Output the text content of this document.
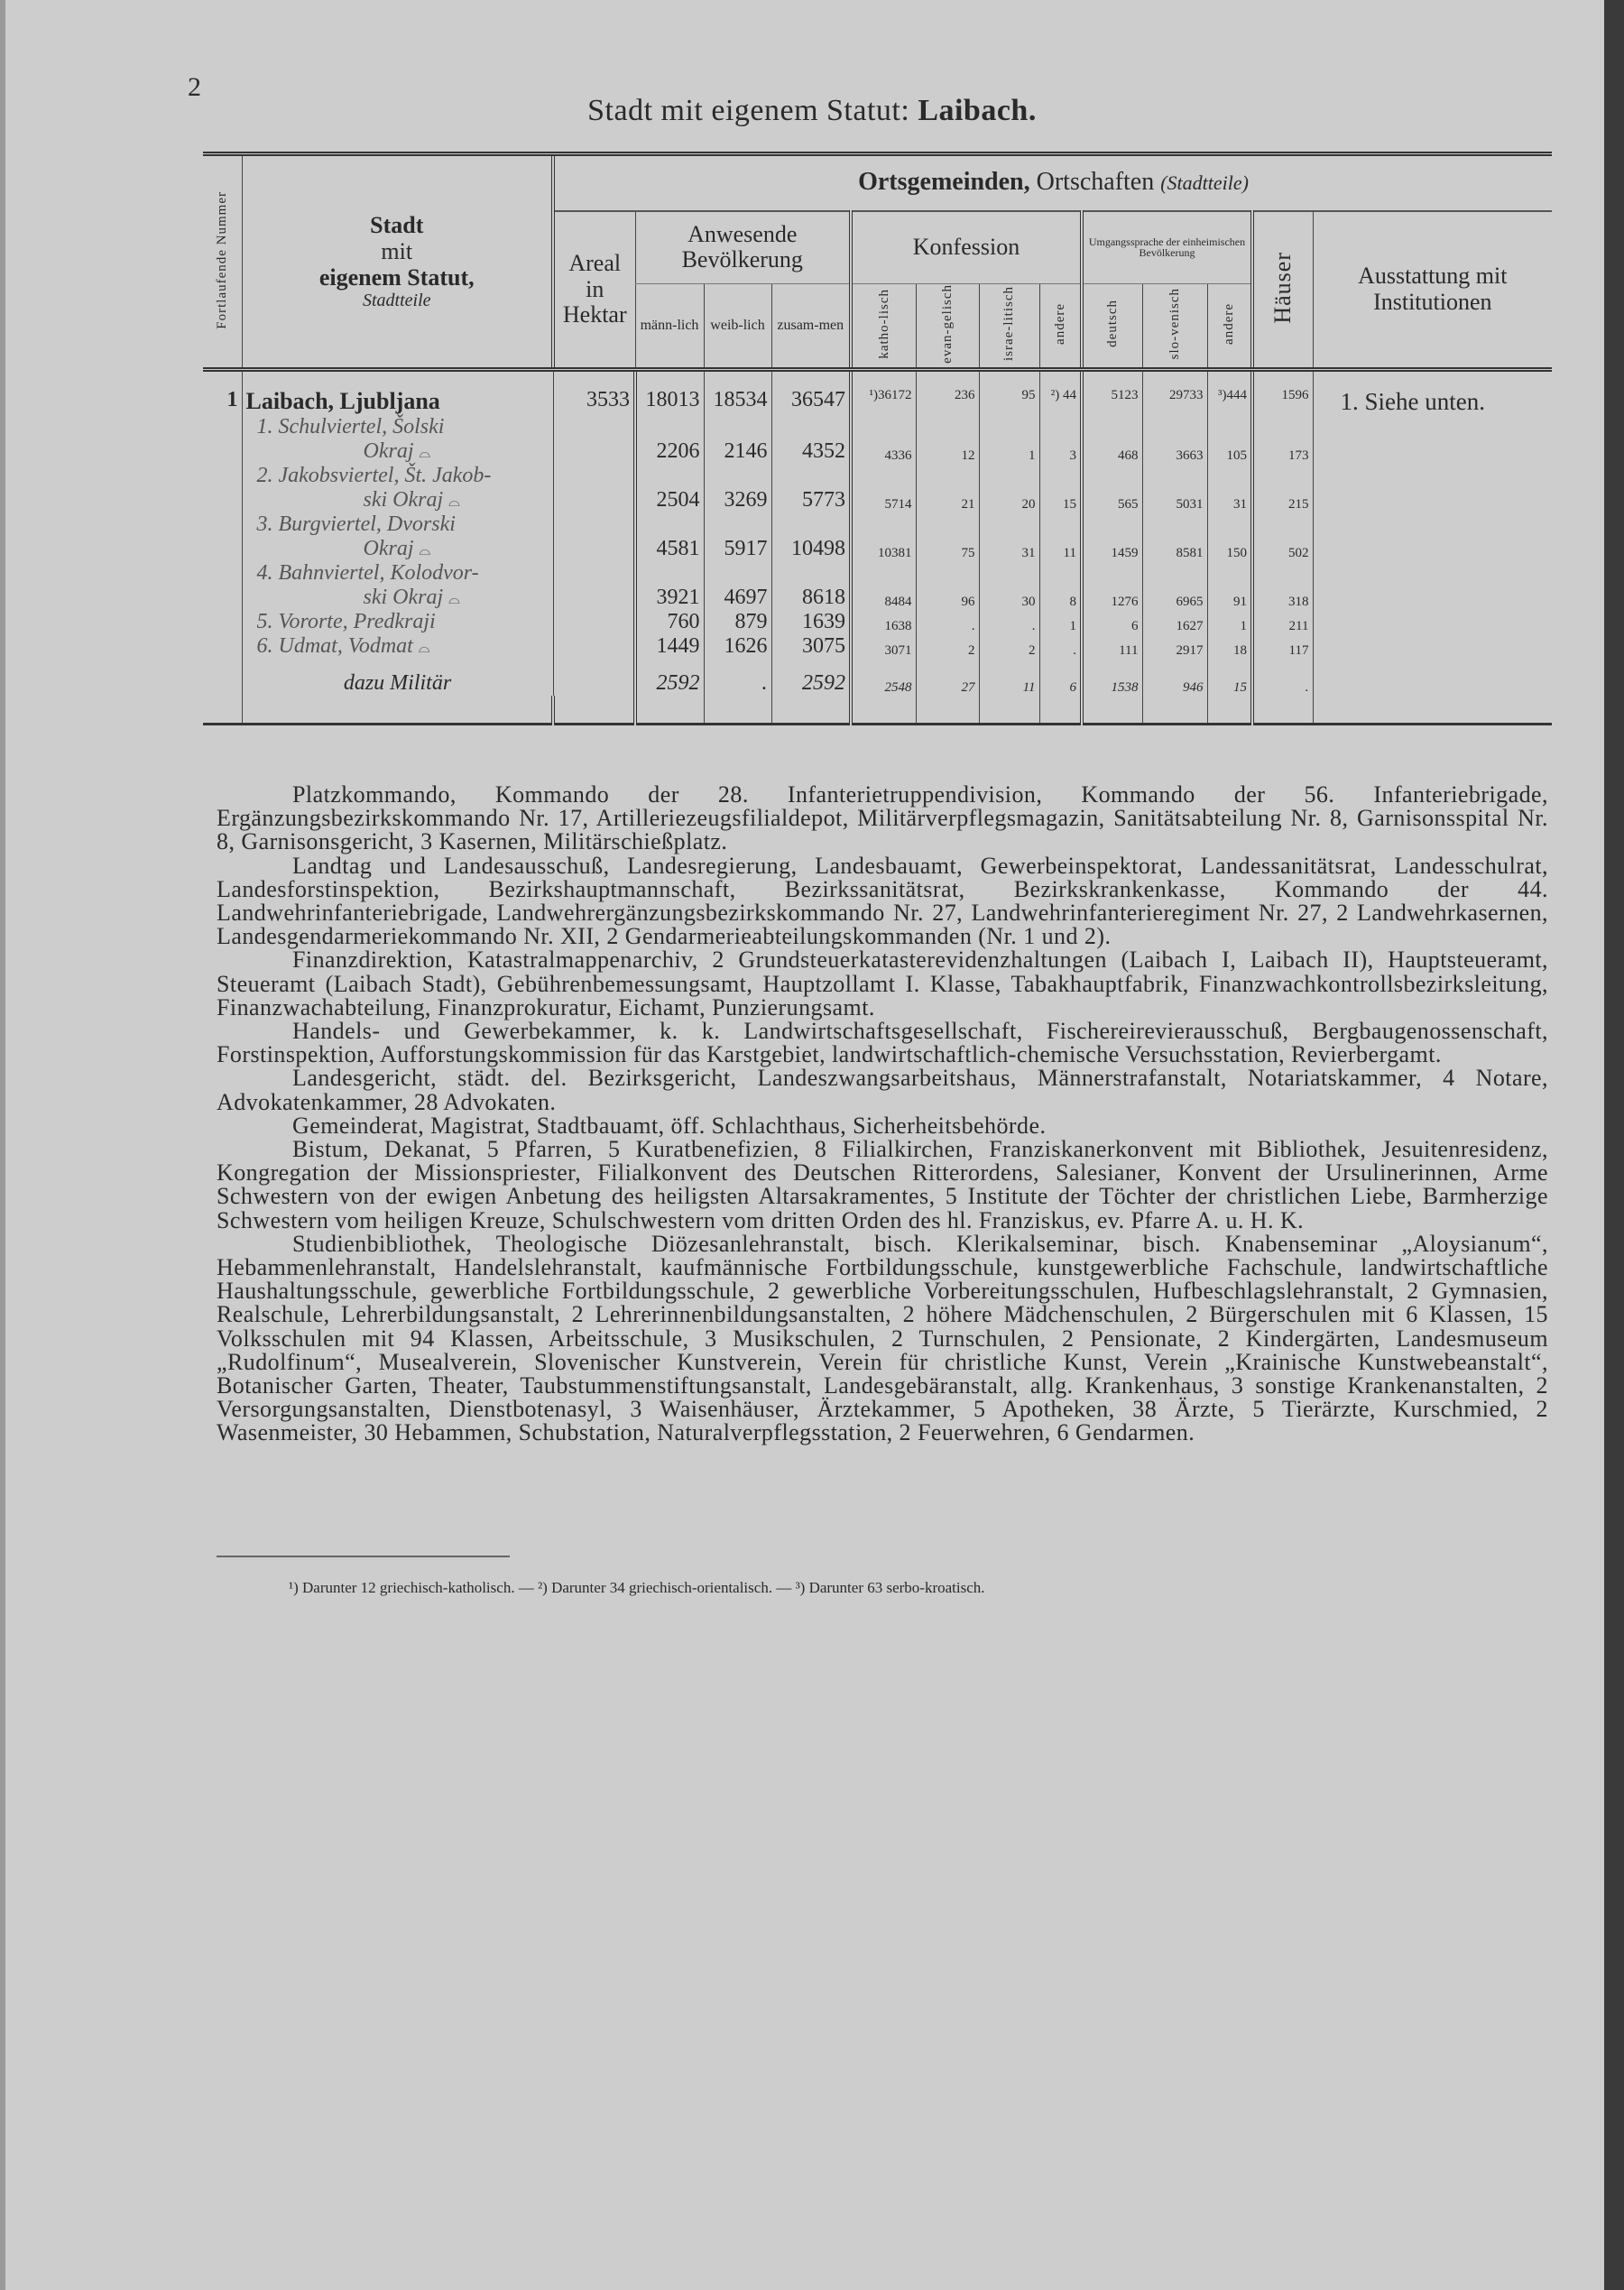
2
Stadt mit eigenem Statut: Laibach.
Fortlaufende Nummer	Stadt
mit
eigenem Statut,
Stadtteile	Ortsgemeinden, Ortschaften (Stadtteile)												
		Areal in Hektar	Anwesende Bevölkerung			Konfession				Umgangssprache der einheimischen Bevölkerung			Häuser	Ausstattung mit Institutionen
			männ-lich	weib-lich	zusam-men	katho-lisch	evan-gelisch	israe-litisch	andere	deutsch	slo-venisch	andere		
1	Laibach, Ljubljana	3533	18013	18534	36547	¹)36172	236	95	²) 44	5123	29733	³)444	1596	1. Siehe unten.

	1. Schulviertel, Šolski
Okraj ⌓		2206	2146	4352	4336	12	1	3	468	3663	105	173	

	2. Jakobsviertel, Št. Jakob-
ski Okraj ⌓		2504	3269	5773	5714	21	20	15	565	5031	31	215	

	3. Burgviertel, Dvorski
Okraj ⌓		4581	5917	10498	10381	75	31	11	1459	8581	150	502	

	4. Bahnviertel, Kolodvor-
ski Okraj ⌓		3921	4697	8618	8484	96	30	8	1276	6965	91	318	

	5. Vororte, Predkraji		760	879	1639	1638	.	.	1	6	1627	1	211	
	6. Udmat, Vodmat ⌓		1449	1626	3075	3071	2	2	.	111	2917	18	117	

	dazu Militär		2592	.	2592	2548	27	11	6	1538	946	15	.	

Platzkommando, Kommando der 28. Infanterietruppendivision, Kommando der 56. Infanteriebrigade, Ergänzungsbezirkskommando Nr. 17, Artilleriezeugsfilialdepot, Militärverpflegsmagazin, Sanitätsabteilung Nr. 8, Garnisonsspital Nr. 8, Garnisonsgericht, 3 Kasernen, Militärschießplatz.

Landtag und Landesausschuß, Landesregierung, Landesbauamt, Gewerbeinspektorat, Landessanitätsrat, Landesschulrat, Landesforstinspektion, Bezirkshauptmannschaft, Bezirkssanitätsrat, Bezirkskrankenkasse, Kommando der 44. Landwehrinfanteriebrigade, Landwehrergänzungsbezirkskommando Nr. 27, Landwehrinfanterieregiment Nr. 27, 2 Landwehrkasernen, Landesgendarmeriekommando Nr. XII, 2 Gendarmerieabteilungskommanden (Nr. 1 und 2).

Finanzdirektion, Katastralmappenarchiv, 2 Grundsteuerkatasterevidenzhaltungen (Laibach I, Laibach II), Hauptsteueramt, Steueramt (Laibach Stadt), Gebührenbemessungsamt, Hauptzollamt I. Klasse, Tabakhauptfabrik, Finanzwachkontrollsbezirksleitung, Finanzwachabteilung, Finanzprokuratur, Eichamt, Punzierungsamt.

Handels- und Gewerbekammer, k. k. Landwirtschaftsgesellschaft, Fischereirevierausschuß, Bergbaugenossenschaft, Forstinspektion, Aufforstungskommission für das Karstgebiet, landwirtschaftlich-chemische Versuchsstation, Revierbergamt.

Landesgericht, städt. del. Bezirksgericht, Landeszwangsarbeitshaus, Männerstrafanstalt, Notariatskammer, 4 Notare, Advokatenkammer, 28 Advokaten.

Gemeinderat, Magistrat, Stadtbauamt, öff. Schlachthaus, Sicherheitsbehörde.

Bistum, Dekanat, 5 Pfarren, 5 Kuratbenefizien, 8 Filialkirchen, Franziskanerkonvent mit Bibliothek, Jesuitenresidenz, Kongregation der Missionspriester, Filialkonvent des Deutschen Ritterordens, Salesianer, Konvent der Ursulinerinnen, Arme Schwestern von der ewigen Anbetung des heiligsten Altarsakramentes, 5 Institute der Töchter der christlichen Liebe, Barmherzige Schwestern vom heiligen Kreuze, Schulschwestern vom dritten Orden des hl. Franziskus, ev. Pfarre A. u. H. K.

Studienbibliothek, Theologische Diözesanlehranstalt, bisch. Klerikalseminar, bisch. Knabenseminar „Aloysianum“, Hebammenlehranstalt, Handelslehranstalt, kaufmännische Fortbildungsschule, kunstgewerbliche Fachschule, landwirtschaftliche Haushaltungsschule, gewerbliche Fortbildungsschule, 2 gewerbliche Vorbereitungsschulen, Hufbeschlagslehranstalt, 2 Gymnasien, Realschule, Lehrerbildungsanstalt, 2 Lehrerinnenbildungsanstalten, 2 höhere Mädchenschulen, 2 Bürgerschulen mit 6 Klassen, 15 Volksschulen mit 94 Klassen, Arbeitsschule, 3 Musikschulen, 2 Turnschulen, 2 Pensionate, 2 Kindergärten, Landesmuseum „Rudolfinum“, Musealverein, Slovenischer Kunstverein, Verein für christliche Kunst, Verein „Krainische Kunstwebeanstalt“, Botanischer Garten, Theater, Taubstummenstiftungsanstalt, Landesgebäranstalt, allg. Krankenhaus, 3 sonstige Krankenanstalten, 2 Versorgungsanstalten, Dienstbotenasyl, 3 Waisenhäuser, Ärztekammer, 5 Apotheken, 38 Ärzte, 5 Tierärzte, Kurschmied, 2 Wasenmeister, 30 Hebammen, Schubstation, Naturalverpflegsstation, 2 Feuerwehren, 6 Gendarmen.

¹) Darunter 12 griechisch-katholisch. — ²) Darunter 34 griechisch-orientalisch. — ³) Darunter 63 serbo-kroatisch.
